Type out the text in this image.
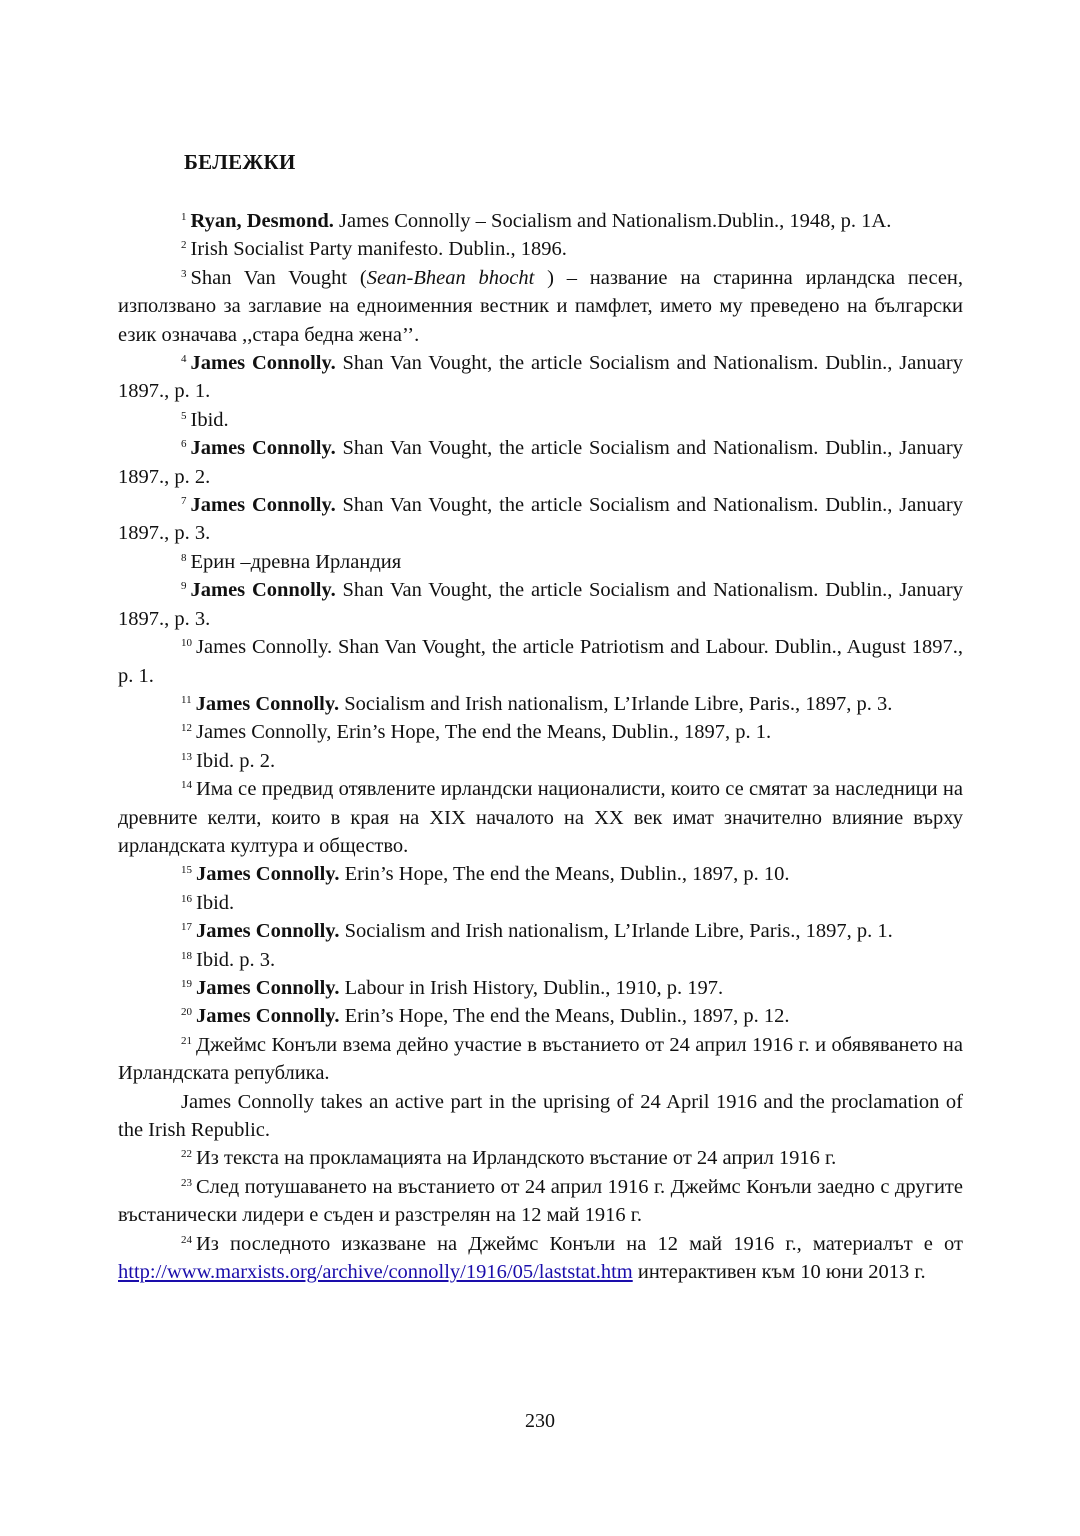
БЕЛЕЖКИ

$^1$ Ryan, Desmond. James Connolly – Socialism and Nationalism.Dublin., 1948, p. 1A.

$^2$ Irish Socialist Party manifesto. Dublin., 1896.

$^3$ Shan Van Vought (Sean-Bhean bhocht ) – название на старинна ирландска песен, използвано за заглавие на едноименния вестник и памфлет, името му преведено на български език означава ,,стара бедна жена’’.

$^4$ James Connolly. Shan Van Vought, the article Socialism and Nationalism. Dublin., January 1897., p. 1.

$^5$ Ibid.

$^6$ James Connolly. Shan Van Vought, the article Socialism and Nationalism. Dublin., January 1897., p. 2.

$^7$ James Connolly. Shan Van Vought, the article Socialism and Nationalism. Dublin., January 1897., p. 3.

$^8$ Ерин –древна Ирландия

$^9$ James Connolly. Shan Van Vought, the article Socialism and Nationalism. Dublin., January 1897., p. 3.

$^{10}$ James Connolly. Shan Van Vought, the article Patriotism and Labour. Dublin., August 1897., p. 1.

$^{11}$ James Connolly. Socialism and Irish nationalism, L’Irlande Libre, Paris., 1897, p. 3.

$^{12}$ James Connolly, Erin’s Hope, The end the Means, Dublin., 1897, p. 1.

$^{13}$ Ibid. p. 2.

$^{14}$ Има се предвид отявлените ирландски националисти, които се смятат за наследници на древните келти, които в края на XIX началото на XX век имат значително влияние върху ирландската култура и общество.

$^{15}$ James Connolly. Erin’s Hope, The end the Means, Dublin., 1897, p. 10.

$^{16}$ Ibid.

$^{17}$ James Connolly. Socialism and Irish nationalism, L’Irlande Libre, Paris., 1897, p. 1.

$^{18}$ Ibid. p. 3.

$^{19}$ James Connolly. Labour in Irish History, Dublin., 1910, p. 197.

$^{20}$ James Connolly. Erin’s Hope, The end the Means, Dublin., 1897, p. 12.

$^{21}$ Джеймс Конъли взема дейно участие в въстанието от 24 април 1916 г. и обявяването на Ирландската република.

James Connolly takes an active part in the uprising of 24 April 1916 and the proclamation of the Irish Republic.

$^{22}$ Из текста на прокламацията на Ирландското въстание от 24 април 1916 г.

$^{23}$ След потушаването на въстанието от 24 април 1916 г. Джеймс Конъли заедно с другите въстанически лидери е съден и разстрелян на 12 май 1916 г.

$^{24}$ Из последното изказване на Джеймс Конъли на 12 май 1916 г., материалът е от http://www.marxists.org/archive/connolly/1916/05/laststat.htm интерактивен към 10 юни 2013 г.

230
